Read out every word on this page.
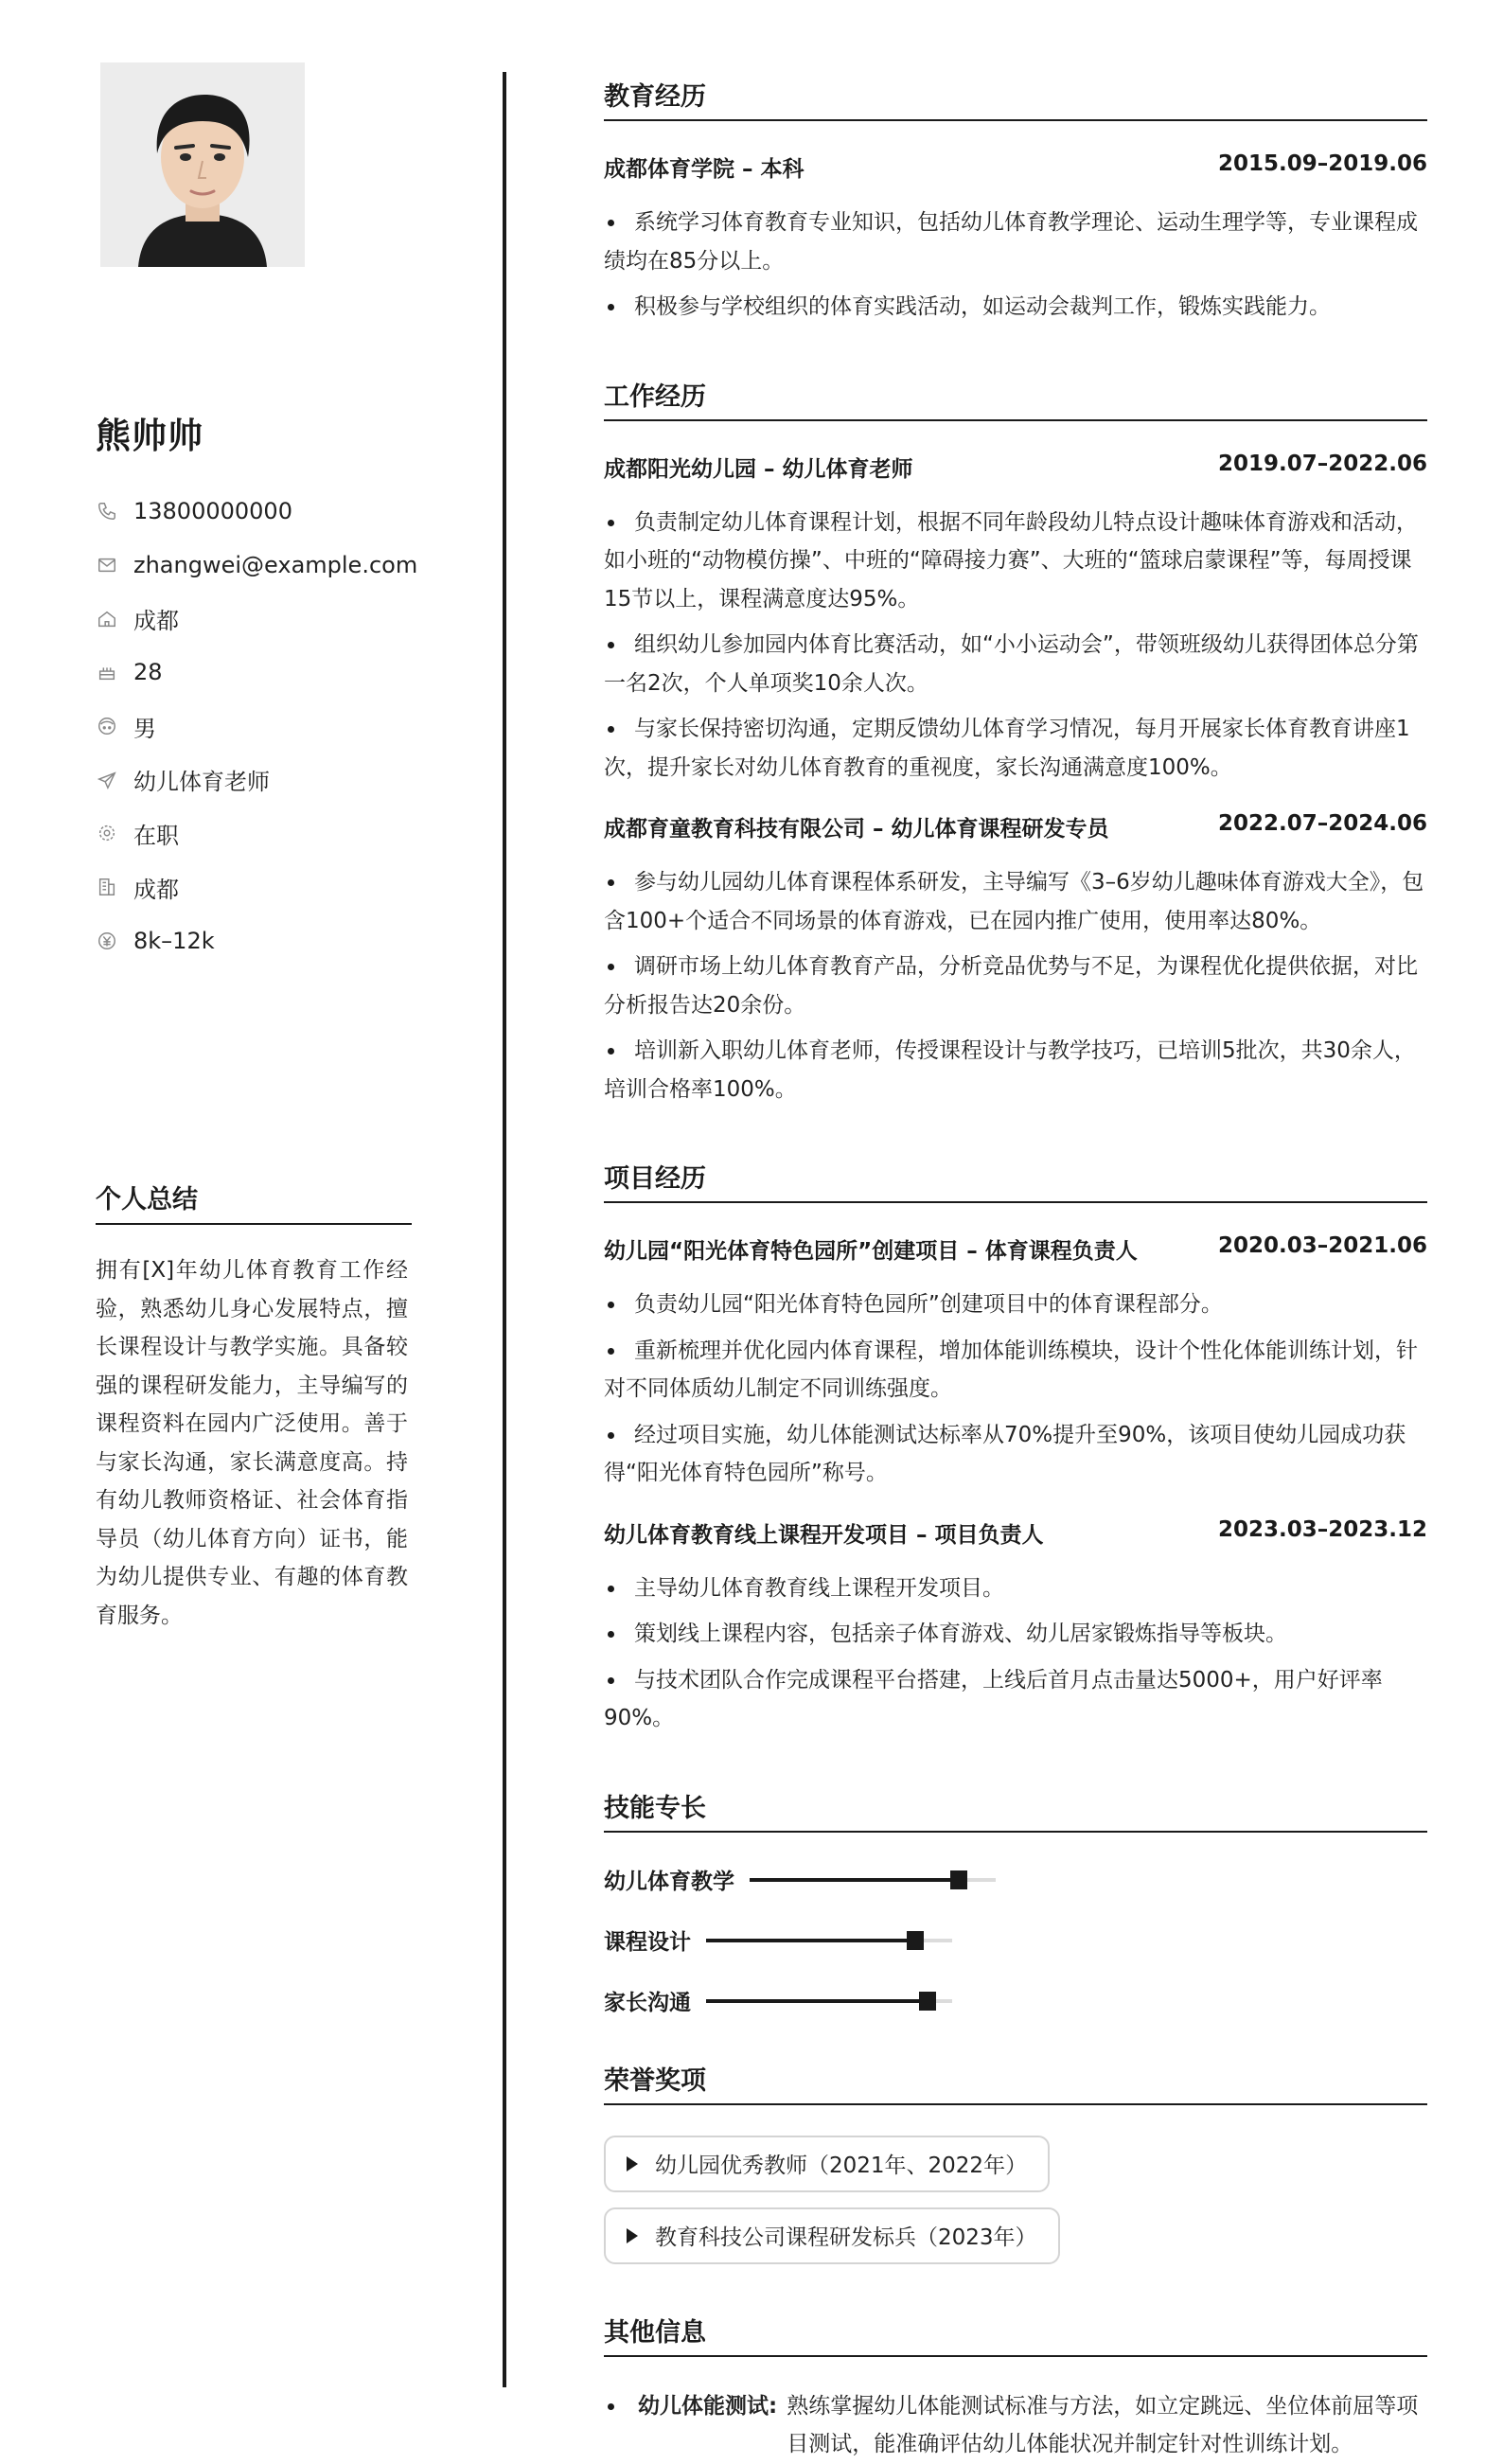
熊帅帅
13800000000
zhangwei@example.com
成都
28
男
幼儿体育老师
在职
成都
8k–12k
个人总结
拥有[X]年幼儿体育教育工作经验，熟悉幼儿身心发展特点，擅长课程设计与教学实施。具备较强的课程研发能力，主导编写的课程资料在园内广泛使用。善于与家长沟通，家长满意度高。持有幼儿教师资格证、社会体育指导员（幼儿体育方向）证书，能为幼儿提供专业、有趣的体育教育服务。
教育经历
成都体育学院 – 本科	2015.09–2019.06
系统学习体育教育专业知识，包括幼儿体育教学理论、运动生理学等，专业课程成绩均在85分以上。
积极参与学校组织的体育实践活动，如运动会裁判工作，锻炼实践能力。
工作经历
成都阳光幼儿园 – 幼儿体育老师	2019.07–2022.06
负责制定幼儿体育课程计划，根据不同年龄段幼儿特点设计趣味体育游戏和活动，如小班的“动物模仿操”、中班的“障碍接力赛”、大班的“篮球启蒙课程”等，每周授课15节以上，课程满意度达95%。
组织幼儿参加园内体育比赛活动，如“小小运动会”，带领班级幼儿获得团体总分第一名2次，个人单项奖10余人次。
与家长保持密切沟通，定期反馈幼儿体育学习情况，每月开展家长体育教育讲座1次，提升家长对幼儿体育教育的重视度，家长沟通满意度100%。
成都育童教育科技有限公司 – 幼儿体育课程研发专员	2022.07–2024.06
参与幼儿园幼儿体育课程体系研发，主导编写《3–6岁幼儿趣味体育游戏大全》，包含100+个适合不同场景的体育游戏，已在园内推广使用，使用率达80%。
调研市场上幼儿体育教育产品，分析竞品优势与不足，为课程优化提供依据，对比分析报告达20余份。
培训新入职幼儿体育老师，传授课程设计与教学技巧，已培训5批次，共30余人，培训合格率100%。
项目经历
幼儿园“阳光体育特色园所”创建项目 – 体育课程负责人	2020.03–2021.06
负责幼儿园“阳光体育特色园所”创建项目中的体育课程部分。
重新梳理并优化园内体育课程，增加体能训练模块，设计个性化体能训练计划，针对不同体质幼儿制定不同训练强度。
经过项目实施，幼儿体能测试达标率从70%提升至90%，该项目使幼儿园成功获得“阳光体育特色园所”称号。
幼儿体育教育线上课程开发项目 – 项目负责人	2023.03–2023.12
主导幼儿体育教育线上课程开发项目。
策划线上课程内容，包括亲子体育游戏、幼儿居家锻炼指导等板块。
与技术团队合作完成课程平台搭建，上线后首月点击量达5000+，用户好评率90%。
技能专长
幼儿体育教学
课程设计
家长沟通
荣誉奖项
幼儿园优秀教师（2021年、2022年）
教育科技公司课程研发标兵（2023年）
其他信息
幼儿体能测试: 熟练掌握幼儿体能测试标准与方法，如立定跳远、坐位体前屈等项目测试，能准确评估幼儿体能状况并制定针对性训练计划。
